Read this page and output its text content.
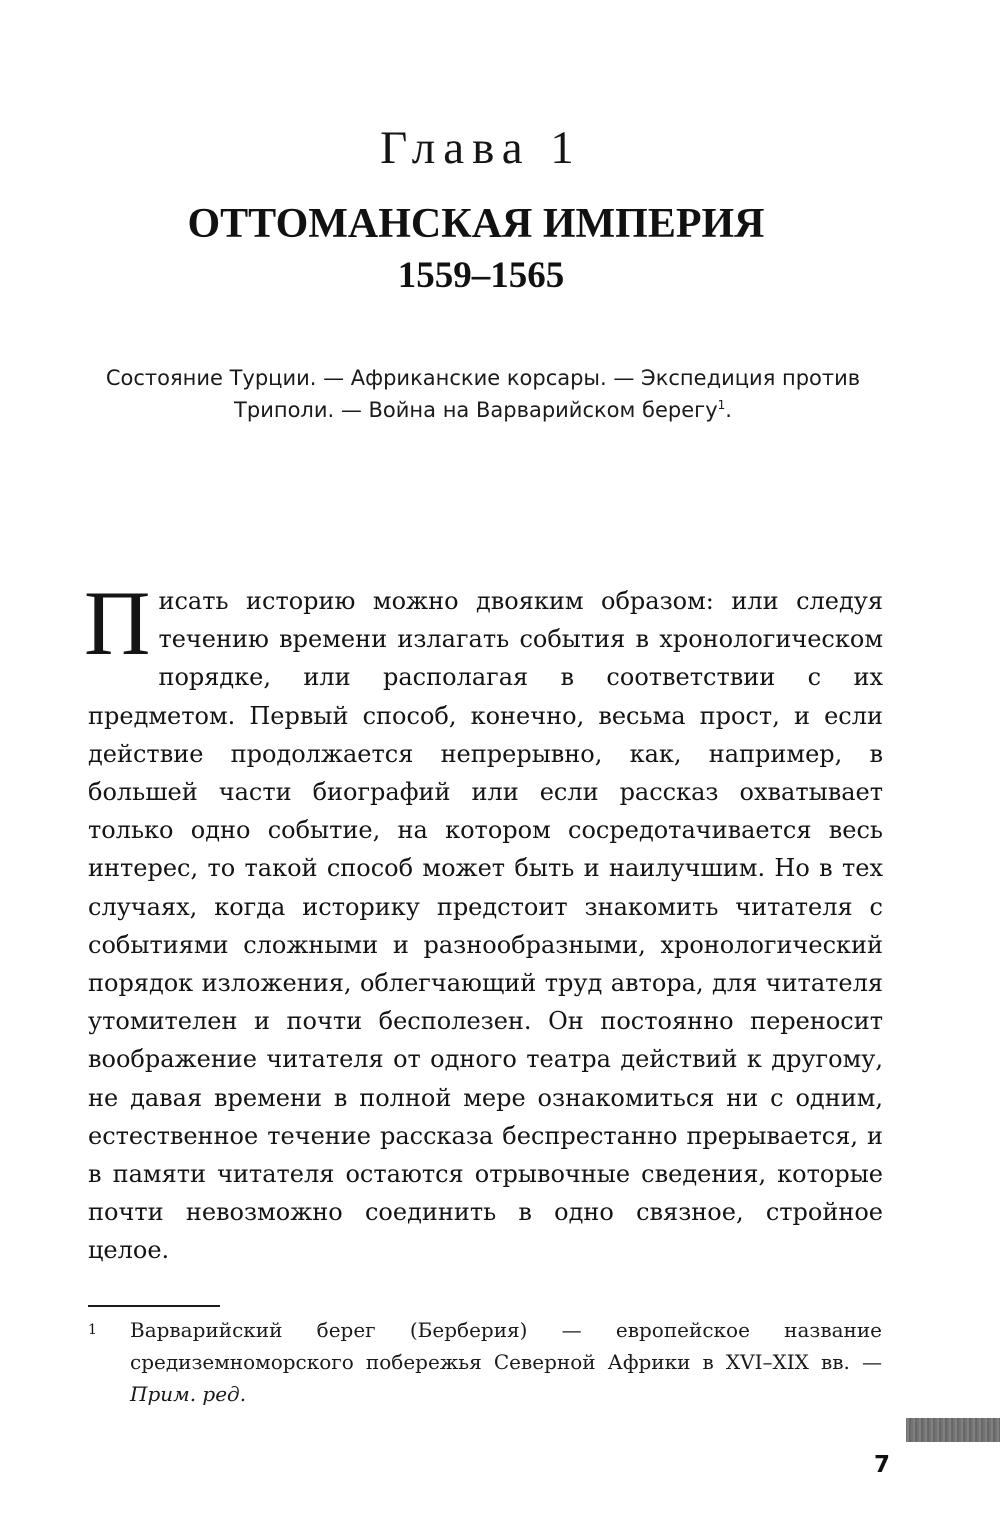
Глава 1
ОТТОМАНСКАЯ ИМПЕРИЯ
1559–1565
Состояние Турции. — Африканские корсары. — Экспедиция против Триполи. — Война на Варварийском берегу$^1$.

Писать историю можно двояким образом: или следуя течению времени излагать события в хронологическом порядке, или располагая в соответствии с их предметом. Первый способ, конечно, весьма прост, и если действие продолжается непрерывно, как, например, в большей части биографий или если рассказ охватывает только одно событие, на котором сосредотачивается весь интерес, то такой способ может быть и наилучшим. Но в тех случаях, когда историку предстоит знакомить читателя с событиями сложными и разнообразными, хронологический порядок изложения, облегчающий труд автора, для читателя утомителен и почти бесполезен. Он постоянно переносит воображение читателя от одного театра действий к другому, не давая времени в полной мере ознакомиться ни с одним, естественное течение рассказа беспрестанно прерывается, и в памяти читателя остаются отрывочные сведения, которые почти невозможно соединить в одно связное, стройное целое.

1 Варварийский берег (Берберия) — европейское название средиземноморского побережья Северной Африки в XVI–XIX вв. — Прим. ред.

7
